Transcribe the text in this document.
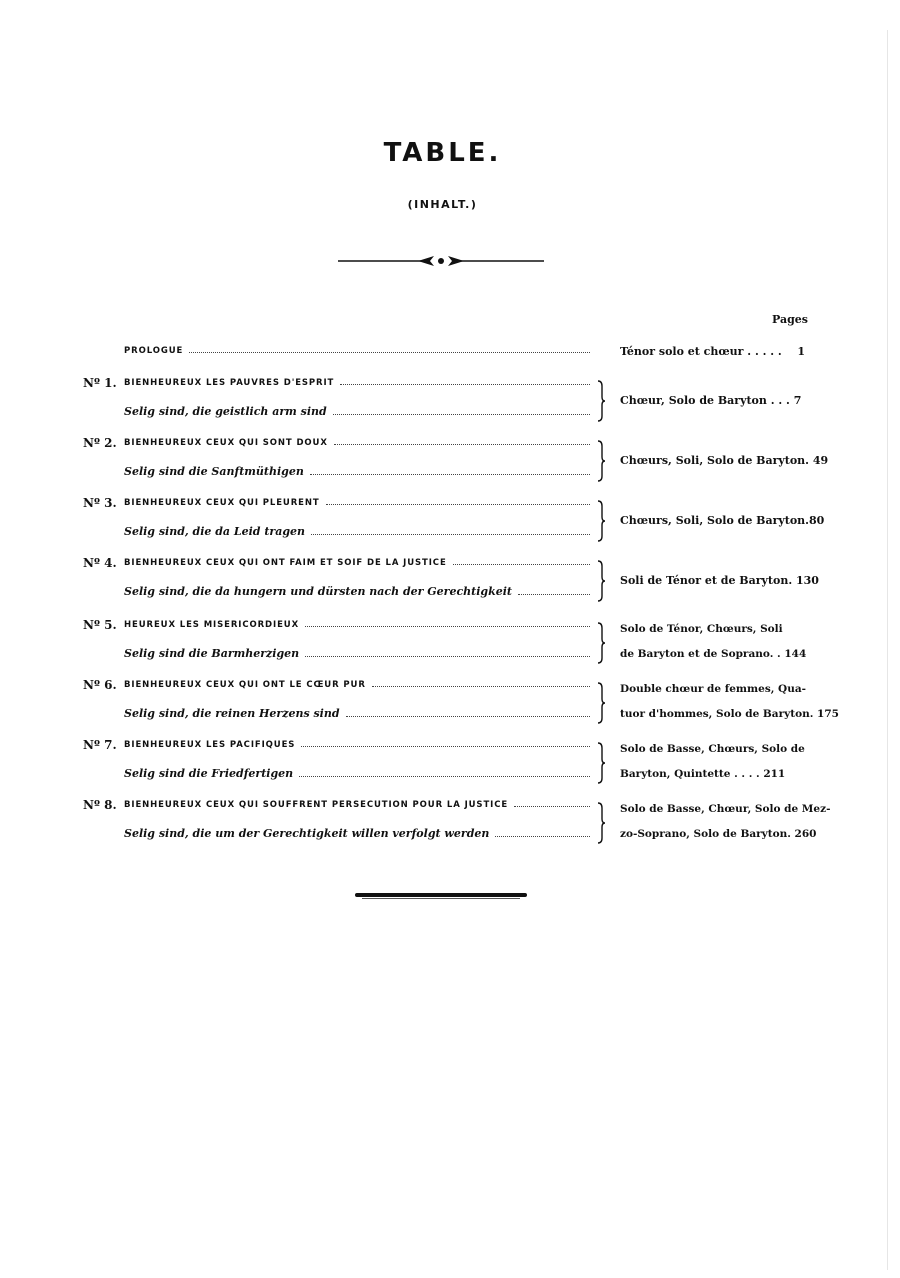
TABLE.
(INHALT.)
Pages
PROLOGUE	Ténor solo et chœur . . . . . 1
Nº 1. BIENHEUREUX LES PAUVRES D'ESPRIT
Selig sind, die geistlich arm sind
Chœur, Solo de Baryton . . . 7
Nº 2. BIENHEUREUX CEUX QUI SONT DOUX
Selig sind die Sanftmüthigen
Chœurs, Soli, Solo de Baryton. 49
Nº 3. BIENHEUREUX CEUX QUI PLEURENT
Selig sind, die da Leid tragen
Chœurs, Soli, Solo de Baryton.80
Nº 4. BIENHEUREUX CEUX QUI ONT FAIM ET SOIF DE LA JUSTICE
Selig sind, die da hungern und dürsten nach der Gerechtigkeit
Soli de Ténor et de Baryton. 130
Nº 5. HEUREUX LES MISÉRICORDIEUX
Selig sind die Barmherzigen
Solo de Ténor, Chœurs, Soli
de Baryton et de Soprano. . 144
Nº 6. BIENHEUREUX CEUX QUI ONT LE CŒUR PUR
Selig sind, die reinen Herzens sind
Double chœur de femmes, Qua-
tuor d'hommes, Solo de Baryton. 175
Nº 7. BIENHEUREUX LES PACIFIQUES
Selig sind die Friedfertigen
Solo de Basse, Chœurs, Solo de
Baryton, Quintette . . . . 211
Nº 8. BIENHEUREUX CEUX QUI SOUFFRENT PERSÉCUTION POUR LA JUSTICE
Selig sind, die um der Gerechtigkeit willen verfolgt werden
Solo de Basse, Chœur, Solo de Mez-
zo-Soprano, Solo de Baryton. 260
